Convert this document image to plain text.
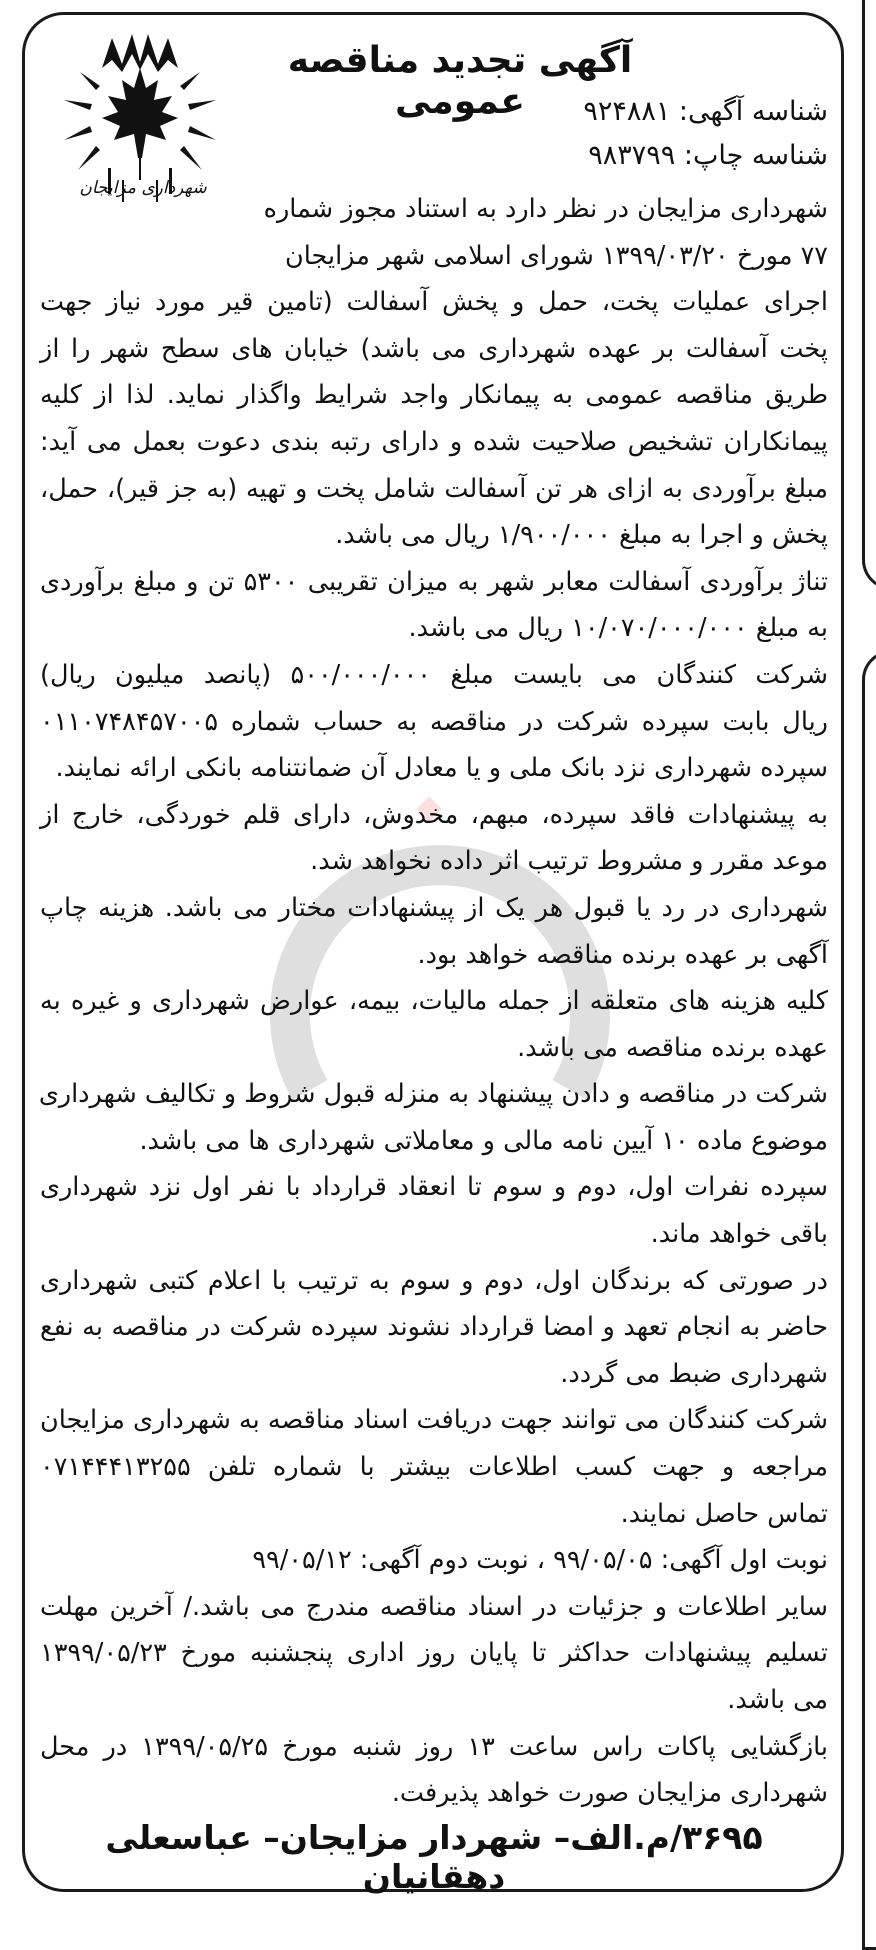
شهرداری مزایجان
آگهی تجدید مناقصه عمومی	شناسه آگهی: ۹۲۴۸۸۱
شناسه چاپ: ۹۸۳۷۹۹
شهرداری مزایجان در نظر دارد به استناد مجوز شماره
۷۷ مورخ ۱۳۹۹/۰۳/۲۰ شورای اسلامی شهر مزایجان
اجرای عملیات پخت، حمل و پخش آسفالت (تامین قیر مورد نیاز جهت
پخت آسفالت بر عهده شهرداری می باشد) خیابان های سطح شهر را از
طریق مناقصه عمومی به پیمانکار واجد شرایط واگذار نماید. لذا از کلیه
پیمانکاران تشخیص صلاحیت شده و دارای رتبه بندی دعوت بعمل می آید:
مبلغ برآوردی به ازای هر تن آسفالت شامل پخت و تهیه (به جز قیر)، حمل،
پخش و اجرا به مبلغ ۱/۹۰۰/۰۰۰ ریال می باشد.
تناژ برآوردی آسفالت معابر شهر به میزان تقریبی ۵۳۰۰ تن و مبلغ برآوردی
به مبلغ ۱۰/۰۷۰/۰۰۰/۰۰۰ ریال می باشد.
شرکت کنندگان می بایست مبلغ ۵۰۰/۰۰۰/۰۰۰ (پانصد میلیون ریال)
ریال بابت سپرده شرکت در مناقصه به حساب شماره ۰۱۱۰۷۴۸۴۵۷۰۰۵
سپرده شهرداری نزد بانک ملی و یا معادل آن ضمانتنامه بانکی ارائه نمایند.
به پیشنهادات فاقد سپرده، مبهم، مخدوش، دارای قلم خوردگی، خارج از
موعد مقرر و مشروط ترتیب اثر داده نخواهد شد.
شهرداری در رد یا قبول هر یک از پیشنهادات مختار می باشد. هزینه چاپ
آگهی بر عهده برنده مناقصه خواهد بود.
کلیه هزینه های متعلقه از جمله مالیات، بیمه، عوارض شهرداری و غیره به
عهده برنده مناقصه می باشد.
شرکت در مناقصه و دادن پیشنهاد به منزله قبول شروط و تکالیف شهرداری
موضوع ماده ۱۰ آیین نامه مالی و معاملاتی شهرداری ها می باشد.
سپرده نفرات اول، دوم و سوم تا انعقاد قرارداد با نفر اول نزد شهرداری
باقی خواهد ماند.
در صورتی که برندگان اول، دوم و سوم به ترتیب با اعلام کتبی شهرداری
حاضر به انجام تعهد و امضا قرارداد نشوند سپرده شرکت در مناقصه به نفع
شهرداری ضبط می گردد.
شرکت کنندگان می توانند جهت دریافت اسناد مناقصه به شهرداری مزایجان
مراجعه و جهت کسب اطلاعات بیشتر با شماره تلفن ۰۷۱۴۴۴۱۳۲۵۵
تماس حاصل نمایند.
نوبت اول آگهی: ۹۹/۰۵/۰۵ ، نوبت دوم آگهی: ۹۹/۰۵/۱۲
سایر اطلاعات و جزئیات در اسناد مناقصه مندرج می باشد./ آخرین مهلت
تسلیم پیشنهادات حداکثر تا پایان روز اداری پنجشنبه مورخ ۱۳۹۹/۰۵/۲۳
می باشد.
بازگشایی پاکات راس ساعت ۱۳ روز شنبه مورخ ۱۳۹۹/۰۵/۲۵ در محل
شهرداری مزایجان صورت خواهد پذیرفت.
۳۶۹۵/م.الف– شهردار مزایجان– عباسعلی دهقانیان
